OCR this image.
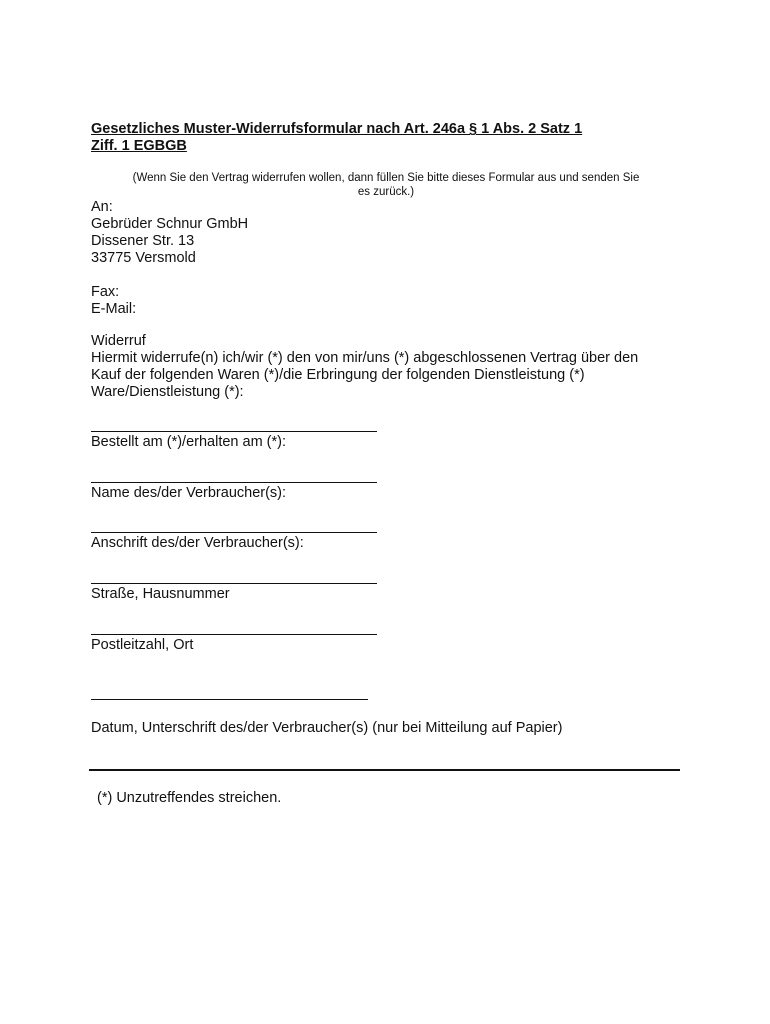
Gesetzliches Muster-Widerrufsformular nach Art. 246a § 1 Abs. 2 Satz 1
Ziff. 1 EGBGB
(Wenn Sie den Vertrag widerrufen wollen, dann füllen Sie bitte dieses Formular aus und senden Sie
es zurück.)
An:
Gebrüder Schnur GmbH
Dissener Str. 13
33775 Versmold
Fax:
E-Mail:
Widerruf
Hiermit widerrufe(n) ich/wir (*) den von mir/uns (*) abgeschlossenen Vertrag über den
Kauf der folgenden Waren (*)/die Erbringung der folgenden Dienstleistung (*)
Ware/Dienstleistung (*):
Bestellt am (*)/erhalten am (*):
Name des/der Verbraucher(s):
Anschrift des/der Verbraucher(s):
Straße, Hausnummer
Postleitzahl, Ort
Datum, Unterschrift des/der Verbraucher(s) (nur bei Mitteilung auf Papier)
(*) Unzutreffendes streichen.
